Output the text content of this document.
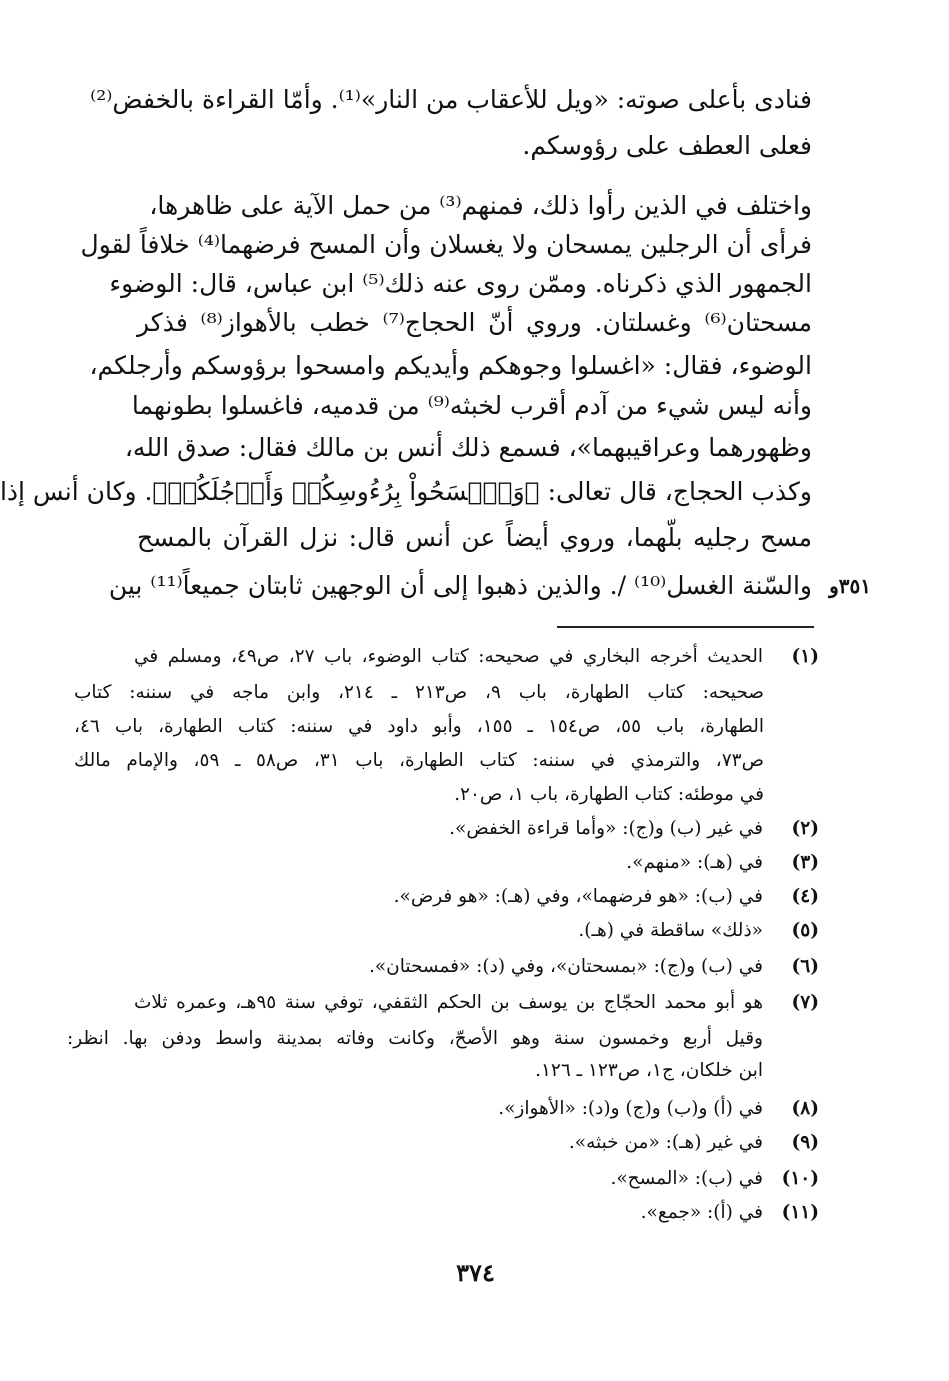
فنادى بأعلى صوته: «ويل للأعقاب من النار»⁽¹⁾. وأمّا القراءة بالخفض⁽²⁾
فعلى العطف على رؤوسكم.
واختلف في الذين رأوا ذلك، فمنهم⁽³⁾ من حمل الآية على ظاهرها،
فرأى أن الرجلين يمسحان ولا يغسلان وأن المسح فرضهما⁽⁴⁾ خلافاً لقول
الجمهور الذي ذكرناه. وممّن روى عنه ذلك⁽⁵⁾ ابن عباس، قال: الوضوء
مسحتان⁽⁶⁾ وغسلتان. وروي أنّ الحجاج⁽⁷⁾ خطب بالأهواز⁽⁸⁾ فذكر
الوضوء، فقال: «اغسلوا وجوهكم وأيديكم وامسحوا برؤوسكم وأرجلكم،
وأنه ليس شيء من آدم أقرب لخبثه⁽⁹⁾ من قدميه، فاغسلوا بطونهما
وظهورهما وعراقيبهما»، فسمع ذلك أنس بن مالك فقال: صدق الله،
وكذب الحجاج، قال تعالى: ﴿وَٱمۡسَحُواْ بِرُءُوسِكُمۡ وَأَرۡجُلَكُمۡ﴾. وكان أنس إذا
مسح رجليه بلّهما، وروي أيضاً عن أنس قال: نزل القرآن بالمسح
والسّنة الغسل⁽¹⁰⁾ /. والذين ذهبوا إلى أن الوجهين ثابتان جميعاً⁽¹¹⁾ بين ٣٥١و
(١)
الحديث أخرجه البخاري في صحيحه: كتاب الوضوء، باب ٢٧، ص٤٩، ومسلم في
صحيحه: كتاب الطهارة، باب ٩، ص٢١٣ ـ ٢١٤، وابن ماجه في سننه: كتاب
الطهارة، باب ٥٥، ص١٥٤ ـ ١٥٥، وأبو داود في سننه: كتاب الطهارة، باب ٤٦،
ص٧٣، والترمذي في سننه: كتاب الطهارة، باب ٣١، ص٥٨ ـ ٥٩، والإمام مالك
في موطئه: كتاب الطهارة، باب ١، ص٢٠.
(٢)
في غير (ب) و(ج): «وأما قراءة الخفض».
(٣)
في (هـ): «منهم».
(٤)
في (ب): «هو فرضهما»، وفي (هـ): «هو فرض».
(٥)
«ذلك» ساقطة في (هـ).
(٦)
في (ب) و(ج): «بمسحتان»، وفي (د): «فمسحتان».
(٧)
هو أبو محمد الحجّاج بن يوسف بن الحكم الثقفي، توفي سنة ٩٥هـ، وعمره ثلاث
وقيل أربع وخمسون سنة وهو الأصحّ، وكانت وفاته بمدينة واسط ودفن بها. انظر:
ابن خلكان، ج١، ص١٢٣ ـ ١٢٦.
(٨)
في (أ) و(ب) و(ج) و(د): «الأهواز».
(٩)
في غير (هـ): «من خبثه».
(١٠)
في (ب): «المسح».
(١١)
في (أ): «جمع».
٣٧٤
